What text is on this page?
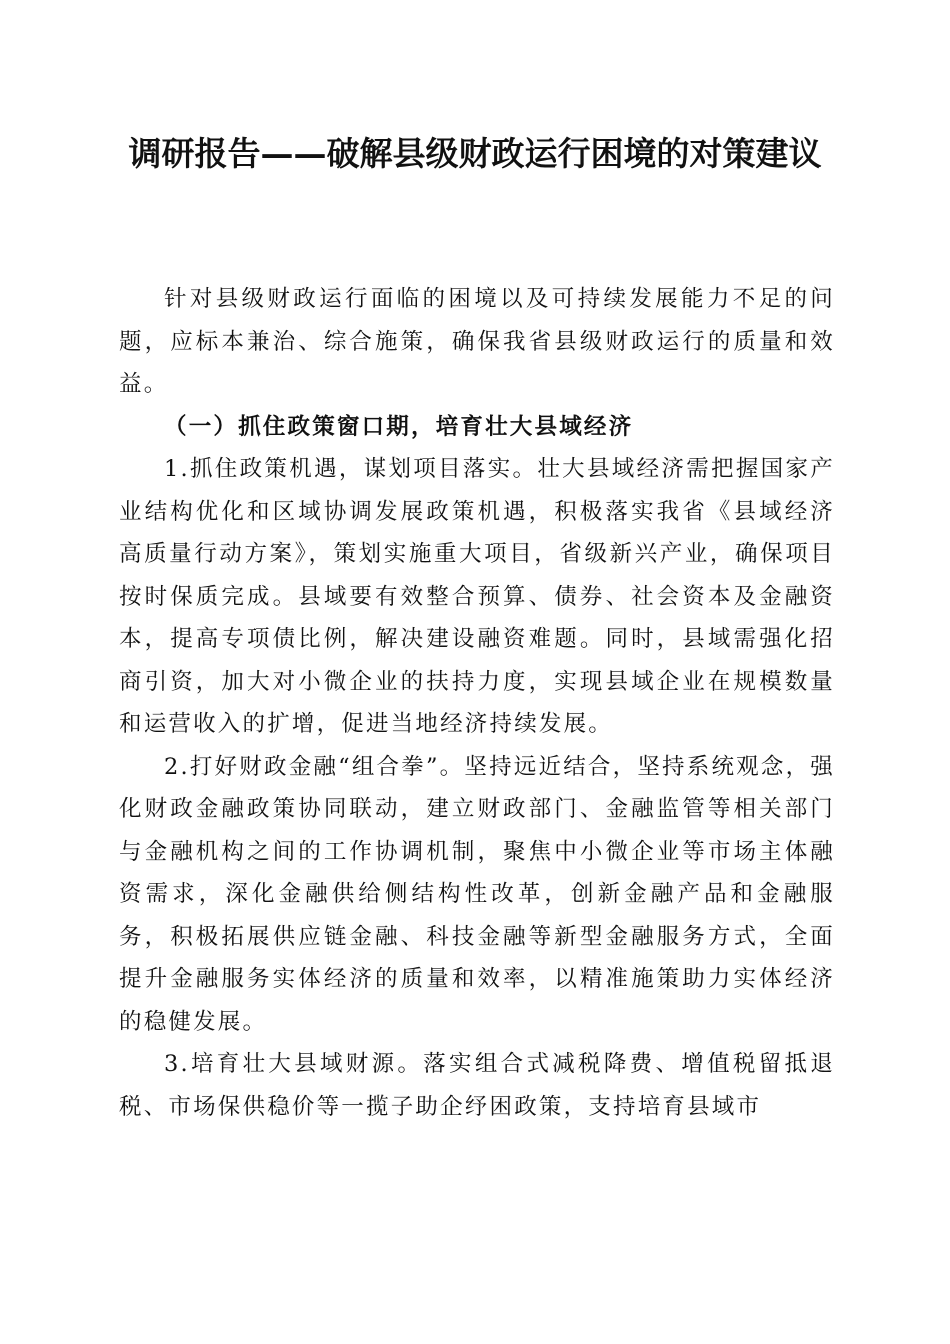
调研报告——破解县级财政运行困境的对策建议

针对县级财政运行面临的困境以及可持续发展能力不足的问题，应标本兼治、综合施策，确保我省县级财政运行的质量和效益。

（一）抓住政策窗口期，培育壮大县域经济

1.抓住政策机遇，谋划项目落实。壮大县域经济需把握国家产业结构优化和区域协调发展政策机遇，积极落实我省《县域经济高质量行动方案》，策划实施重大项目，省级新兴产业，确保项目按时保质完成。县域要有效整合预算、债券、社会资本及金融资本，提高专项债比例，解决建设融资难题。同时，县域需强化招商引资，加大对小微企业的扶持力度，实现县域企业在规模数量和运营收入的扩增，促进当地经济持续发展。

2.打好财政金融“组合拳”。坚持远近结合，坚持系统观念，强化财政金融政策协同联动，建立财政部门、金融监管等相关部门与金融机构之间的工作协调机制，聚焦中小微企业等市场主体融资需求，深化金融供给侧结构性改革，创新金融产品和金融服务，积极拓展供应链金融、科技金融等新型金融服务方式，全面提升金融服务实体经济的质量和效率，以精准施策助力实体经济的稳健发展。

3.培育壮大县域财源。落实组合式减税降费、增值税留抵退税、市场保供稳价等一揽子助企纾困政策，支持培育县域市
